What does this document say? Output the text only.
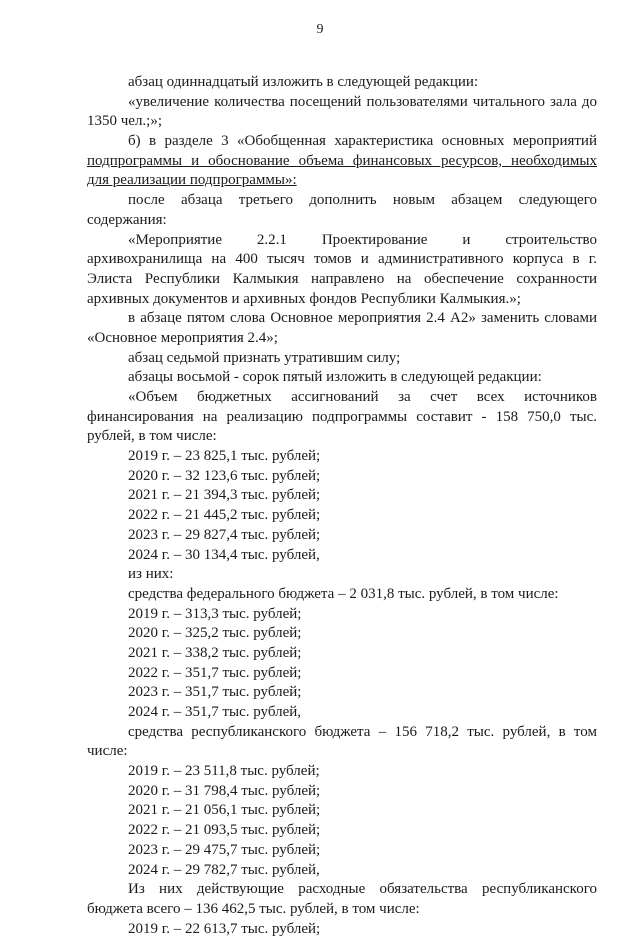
9
абзац одиннадцатый изложить в следующей редакции:
«увеличение количества посещений пользователями читального зала до
1350 чел.;»;
б) в разделе 3 «Обобщенная характеристика основных мероприятий
подпрограммы и обоснование объема финансовых ресурсов, необходимых
для реализации подпрограммы»:
после абзаца третьего дополнить новым абзацем следующего
содержания:
«Мероприятие 2.2.1 Проектирование и строительство
архивохранилища на 400 тысяч томов и административного корпуса в г.
Элиста Республики Калмыкия направлено на обеспечение сохранности
архивных документов и архивных фондов Республики Калмыкия.»;
в абзаце пятом слова Основное мероприятия 2.4 А2» заменить словами
«Основное мероприятия 2.4»;
абзац седьмой признать утратившим силу;
абзацы восьмой - сорок пятый изложить в следующей редакции:
«Объем бюджетных ассигнований за счет всех источников
финансирования на реализацию подпрограммы составит - 158 750,0 тыс.
рублей, в том числе:
2019 г. – 23 825,1 тыс. рублей;
2020 г. – 32 123,6 тыс. рублей;
2021 г. – 21 394,3 тыс. рублей;
2022 г. – 21 445,2 тыс. рублей;
2023 г. – 29 827,4 тыс. рублей;
2024 г. – 30 134,4 тыс. рублей,
из них:
средства федерального бюджета – 2 031,8 тыс. рублей, в том числе:
2019 г. – 313,3 тыс. рублей;
2020 г. – 325,2 тыс. рублей;
2021 г. – 338,2 тыс. рублей;
2022 г. – 351,7 тыс. рублей;
2023 г. – 351,7 тыс. рублей;
2024 г. – 351,7 тыс. рублей,
средства республиканского бюджета – 156 718,2 тыс. рублей, в том
числе:
2019 г. – 23 511,8 тыс. рублей;
2020 г. – 31 798,4 тыс. рублей;
2021 г. – 21 056,1 тыс. рублей;
2022 г. – 21 093,5 тыс. рублей;
2023 г. – 29 475,7 тыс. рублей;
2024 г. – 29 782,7 тыс. рублей,
Из них действующие расходные обязательства республиканского
бюджета всего – 136 462,5 тыс. рублей, в том числе:
2019 г. – 22 613,7 тыс. рублей;
